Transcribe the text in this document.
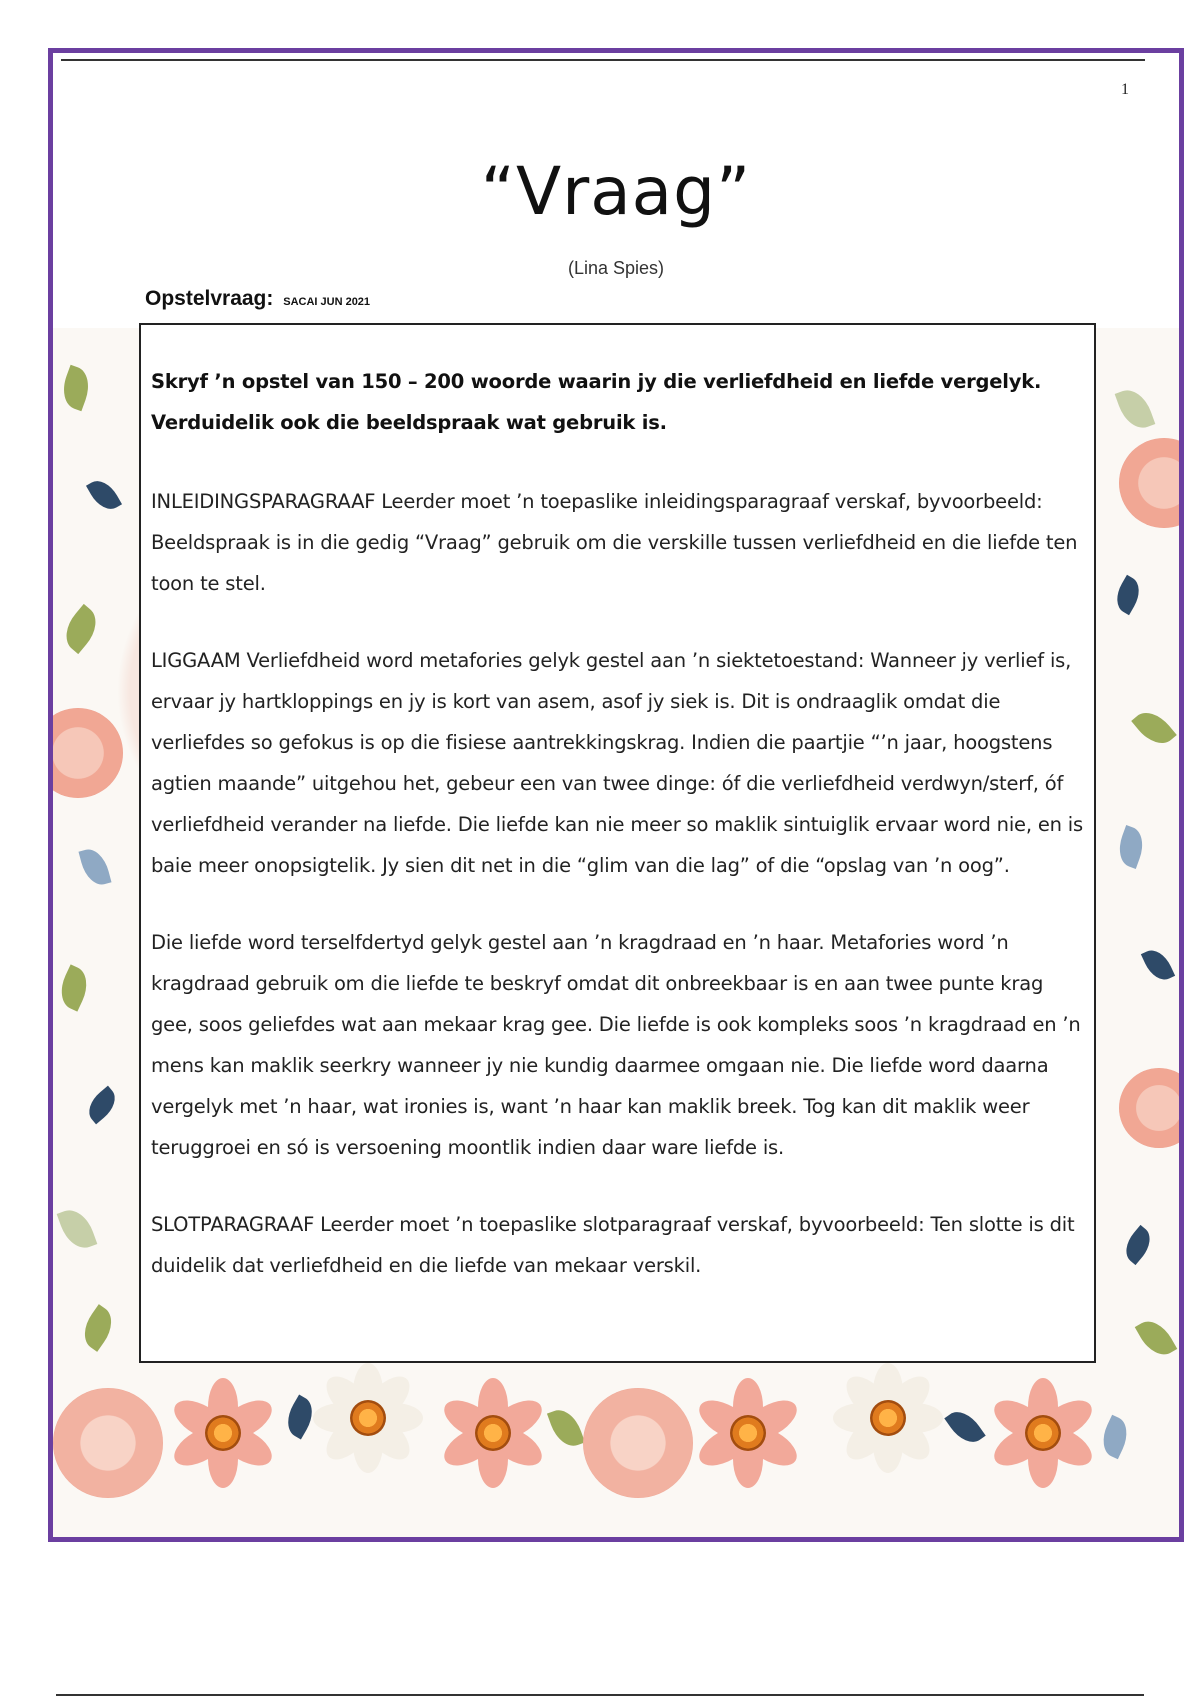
1
“Vraag”
(Lina Spies)
Opstelvraag: SACAI JUN 2021

Skryf ’n opstel van 150 – 200 woorde waarin jy die verliefdheid en liefde vergelyk. Verduidelik ook die beeldspraak wat gebruik is.

INLEIDINGSPARAGRAAF Leerder moet ’n toepaslike inleidingsparagraaf verskaf, byvoorbeeld: Beeldspraak is in die gedig “Vraag” gebruik om die verskille tussen verliefdheid en die liefde ten toon te stel.

LIGGAAM Verliefdheid word metafories gelyk gestel aan ’n siektetoestand: Wanneer jy verlief is, ervaar jy hartkloppings en jy is kort van asem, asof jy siek is. Dit is ondraaglik omdat die verliefdes so gefokus is op die fisiese aantrekkingskrag. Indien die paartjie “’n jaar, hoogstens agtien maande” uitgehou het, gebeur een van twee dinge: óf die verliefdheid verdwyn/sterf, óf verliefdheid verander na liefde. Die liefde kan nie meer so maklik sintuiglik ervaar word nie, en is baie meer onopsigtelik. Jy sien dit net in die “glim van die lag” of die “opslag van ’n oog”.

Die liefde word terselfdertyd gelyk gestel aan ’n kragdraad en ’n haar. Metafories word ’n kragdraad gebruik om die liefde te beskryf omdat dit onbreekbaar is en aan twee punte krag gee, soos geliefdes wat aan mekaar krag gee. Die liefde is ook kompleks soos ’n kragdraad en ’n mens kan maklik seerkry wanneer jy nie kundig daarmee omgaan nie. Die liefde word daarna vergelyk met ’n haar, wat ironies is, want ’n haar kan maklik breek. Tog kan dit maklik weer teruggroei en só is versoening moontlik indien daar ware liefde is.

SLOTPARAGRAAF Leerder moet ’n toepaslike slotparagraaf verskaf, byvoorbeeld: Ten slotte is dit duidelik dat verliefdheid en die liefde van mekaar verskil.
